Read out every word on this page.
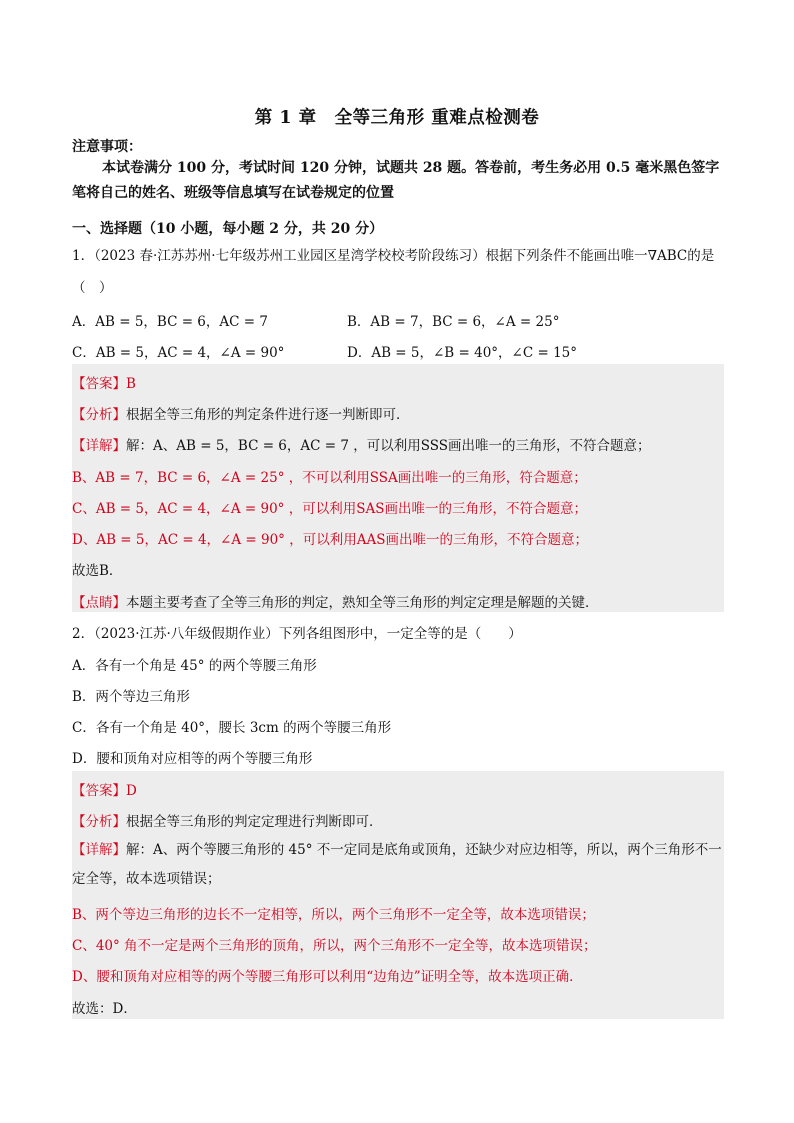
第 1 章　全等三角形 重难点检测卷
注意事项：
本试卷满分 100 分，考试时间 120 分钟，试题共 28 题。答卷前，考生务必用 0.5 毫米黑色签字笔将自己的姓名、班级等信息填写在试卷规定的位置
一、选择题（10 小题，每小题 2 分，共 20 分）
1．（2023 春·江苏苏州·七年级苏州工业园区星湾学校校考阶段练习）根据下列条件不能画出唯一∇ABC的是
（　）
A．AB = 5，BC = 6，AC = 7	B．AB = 7，BC = 6，∠A = 25°
C．AB = 5，AC = 4，∠A = 90°	D．AB = 5，∠B = 40°，∠C = 15°
【答案】B
【分析】根据全等三角形的判定条件进行逐一判断即可．
【详解】解：A、AB = 5，BC = 6，AC = 7 ，可以利用SSS画出唯一的三角形，不符合题意；
B、AB = 7，BC = 6，∠A = 25° ，不可以利用SSA画出唯一的三角形，符合题意；
C、AB = 5，AC = 4，∠A = 90° ，可以利用SAS画出唯一的三角形，不符合题意；
D、AB = 5，AC = 4，∠A = 90° ，可以利用AAS画出唯一的三角形，不符合题意；
故选B．
【点睛】本题主要考查了全等三角形的判定，熟知全等三角形的判定定理是解题的关键．
2．（2023·江苏·八年级假期作业）下列各组图形中，一定全等的是（　　）
A．各有一个角是 45° 的两个等腰三角形
B．两个等边三角形
C．各有一个角是 40°，腰长 3cm 的两个等腰三角形
D．腰和顶角对应相等的两个等腰三角形
【答案】D
【分析】根据全等三角形的判定定理进行判断即可．
【详解】解：A、两个等腰三角形的 45° 不一定同是底角或顶角，还缺少对应边相等，所以，两个三角形不一定全等，故本选项错误；
B、两个等边三角形的边长不一定相等，所以，两个三角形不一定全等，故本选项错误；
C、40° 角不一定是两个三角形的顶角，所以，两个三角形不一定全等，故本选项错误；
D、腰和顶角对应相等的两个等腰三角形可以利用“边角边”证明全等，故本选项正确．
故选：D．
